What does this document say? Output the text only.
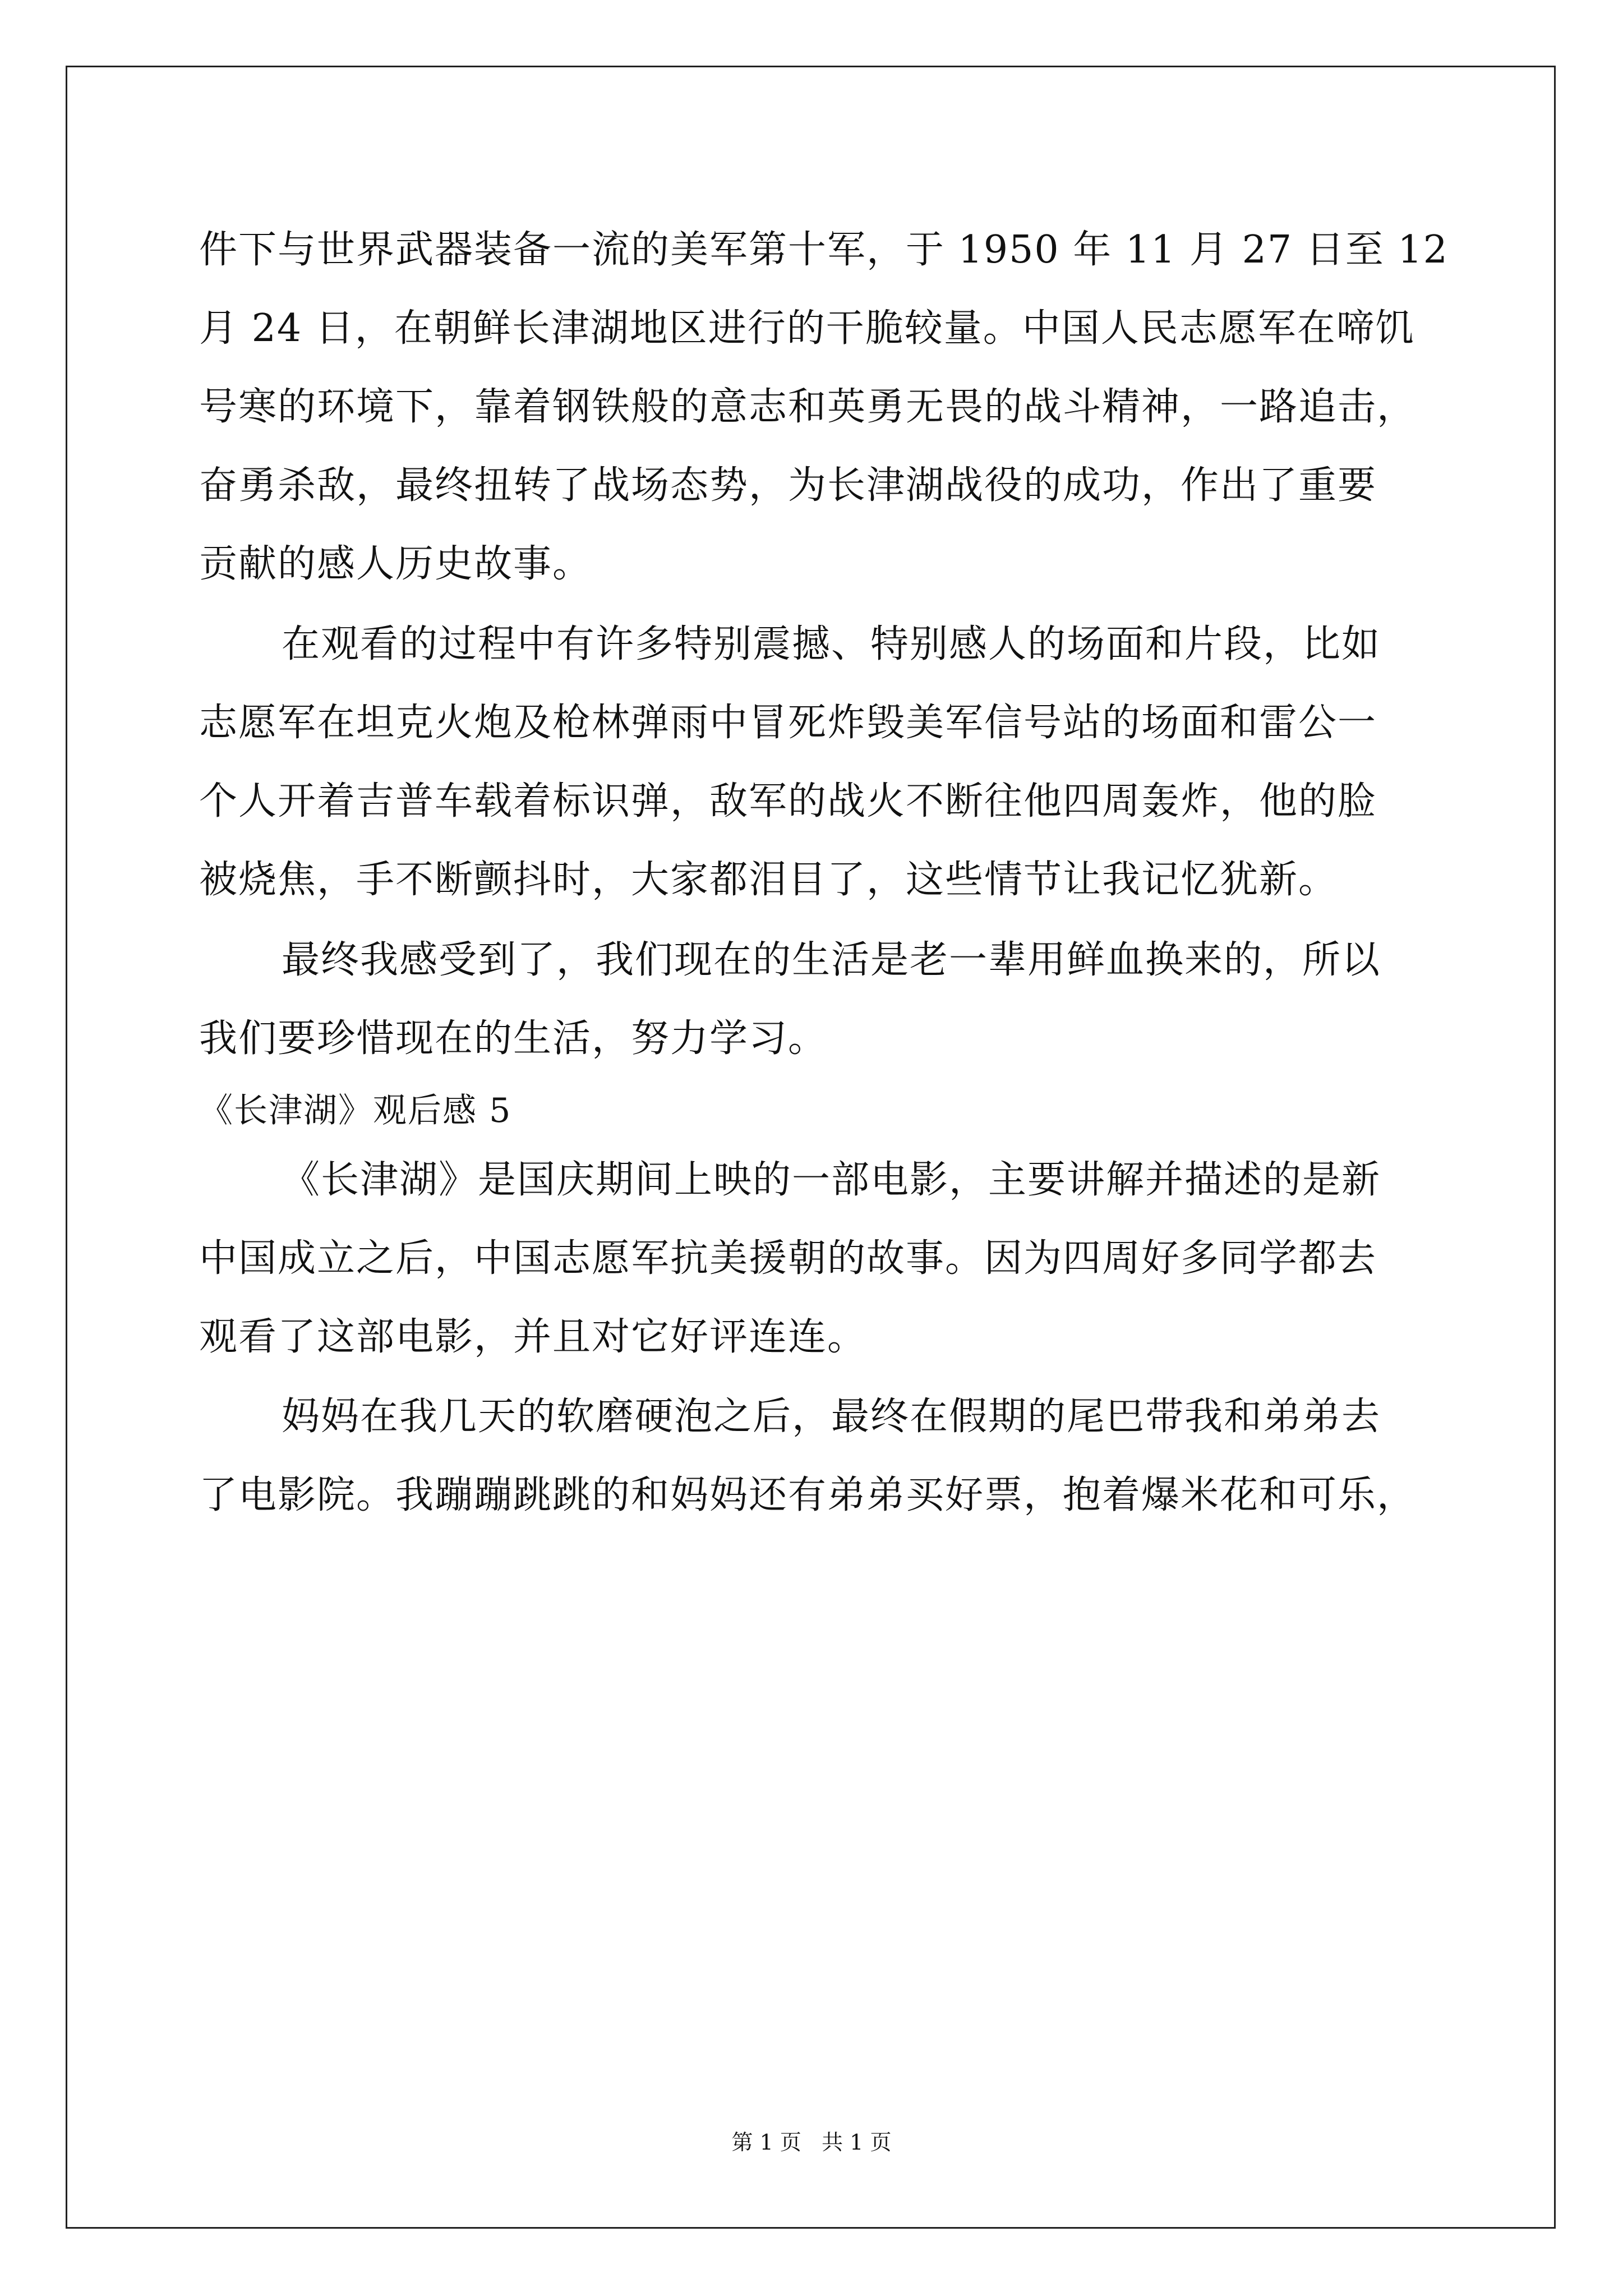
件下与世界武器装备一流的美军第十军，于 1950 年 11 月 27 日至 12
月 24 日，在朝鲜长津湖地区进行的干脆较量。中国人民志愿军在啼饥
号寒的环境下，靠着钢铁般的意志和英勇无畏的战斗精神，一路追击，
奋勇杀敌，最终扭转了战场态势，为长津湖战役的成功，作出了重要
贡献的感人历史故事。
在观看的过程中有许多特别震撼、特别感人的场面和片段，比如
志愿军在坦克火炮及枪林弹雨中冒死炸毁美军信号站的场面和雷公一
个人开着吉普车载着标识弹，敌军的战火不断往他四周轰炸，他的脸
被烧焦，手不断颤抖时，大家都泪目了，这些情节让我记忆犹新。
最终我感受到了，我们现在的生活是老一辈用鲜血换来的，所以
我们要珍惜现在的生活，努力学习。
《长津湖》观后感 5
《长津湖》是国庆期间上映的一部电影，主要讲解并描述的是新
中国成立之后，中国志愿军抗美援朝的故事。因为四周好多同学都去
观看了这部电影，并且对它好评连连。
妈妈在我几天的软磨硬泡之后，最终在假期的尾巴带我和弟弟去
了电影院。我蹦蹦跳跳的和妈妈还有弟弟买好票，抱着爆米花和可乐，
第 1 页   共 1 页
